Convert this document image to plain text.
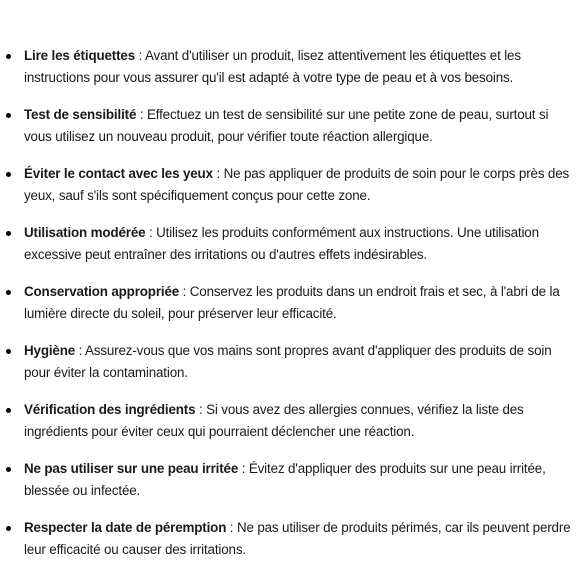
Lire les étiquettes : Avant d'utiliser un produit, lisez attentivement les étiquettes et les instructions pour vous assurer qu'il est adapté à votre type de peau et à vos besoins.
Test de sensibilité : Effectuez un test de sensibilité sur une petite zone de peau, surtout si vous utilisez un nouveau produit, pour vérifier toute réaction allergique.
Éviter le contact avec les yeux : Ne pas appliquer de produits de soin pour le corps près des yeux, sauf s'ils sont spécifiquement conçus pour cette zone.
Utilisation modérée : Utilisez les produits conformément aux instructions. Une utilisation excessive peut entraîner des irritations ou d'autres effets indésirables.
Conservation appropriée : Conservez les produits dans un endroit frais et sec, à l'abri de la lumière directe du soleil, pour préserver leur efficacité.
Hygiène : Assurez-vous que vos mains sont propres avant d'appliquer des produits de soin pour éviter la contamination.
Vérification des ingrédients : Si vous avez des allergies connues, vérifiez la liste des ingrédients pour éviter ceux qui pourraient déclencher une réaction.
Ne pas utiliser sur une peau irritée : Évitez d'appliquer des produits sur une peau irritée, blessée ou infectée.
Respecter la date de péremption : Ne pas utiliser de produits périmés, car ils peuvent perdre leur efficacité ou causer des irritations.
